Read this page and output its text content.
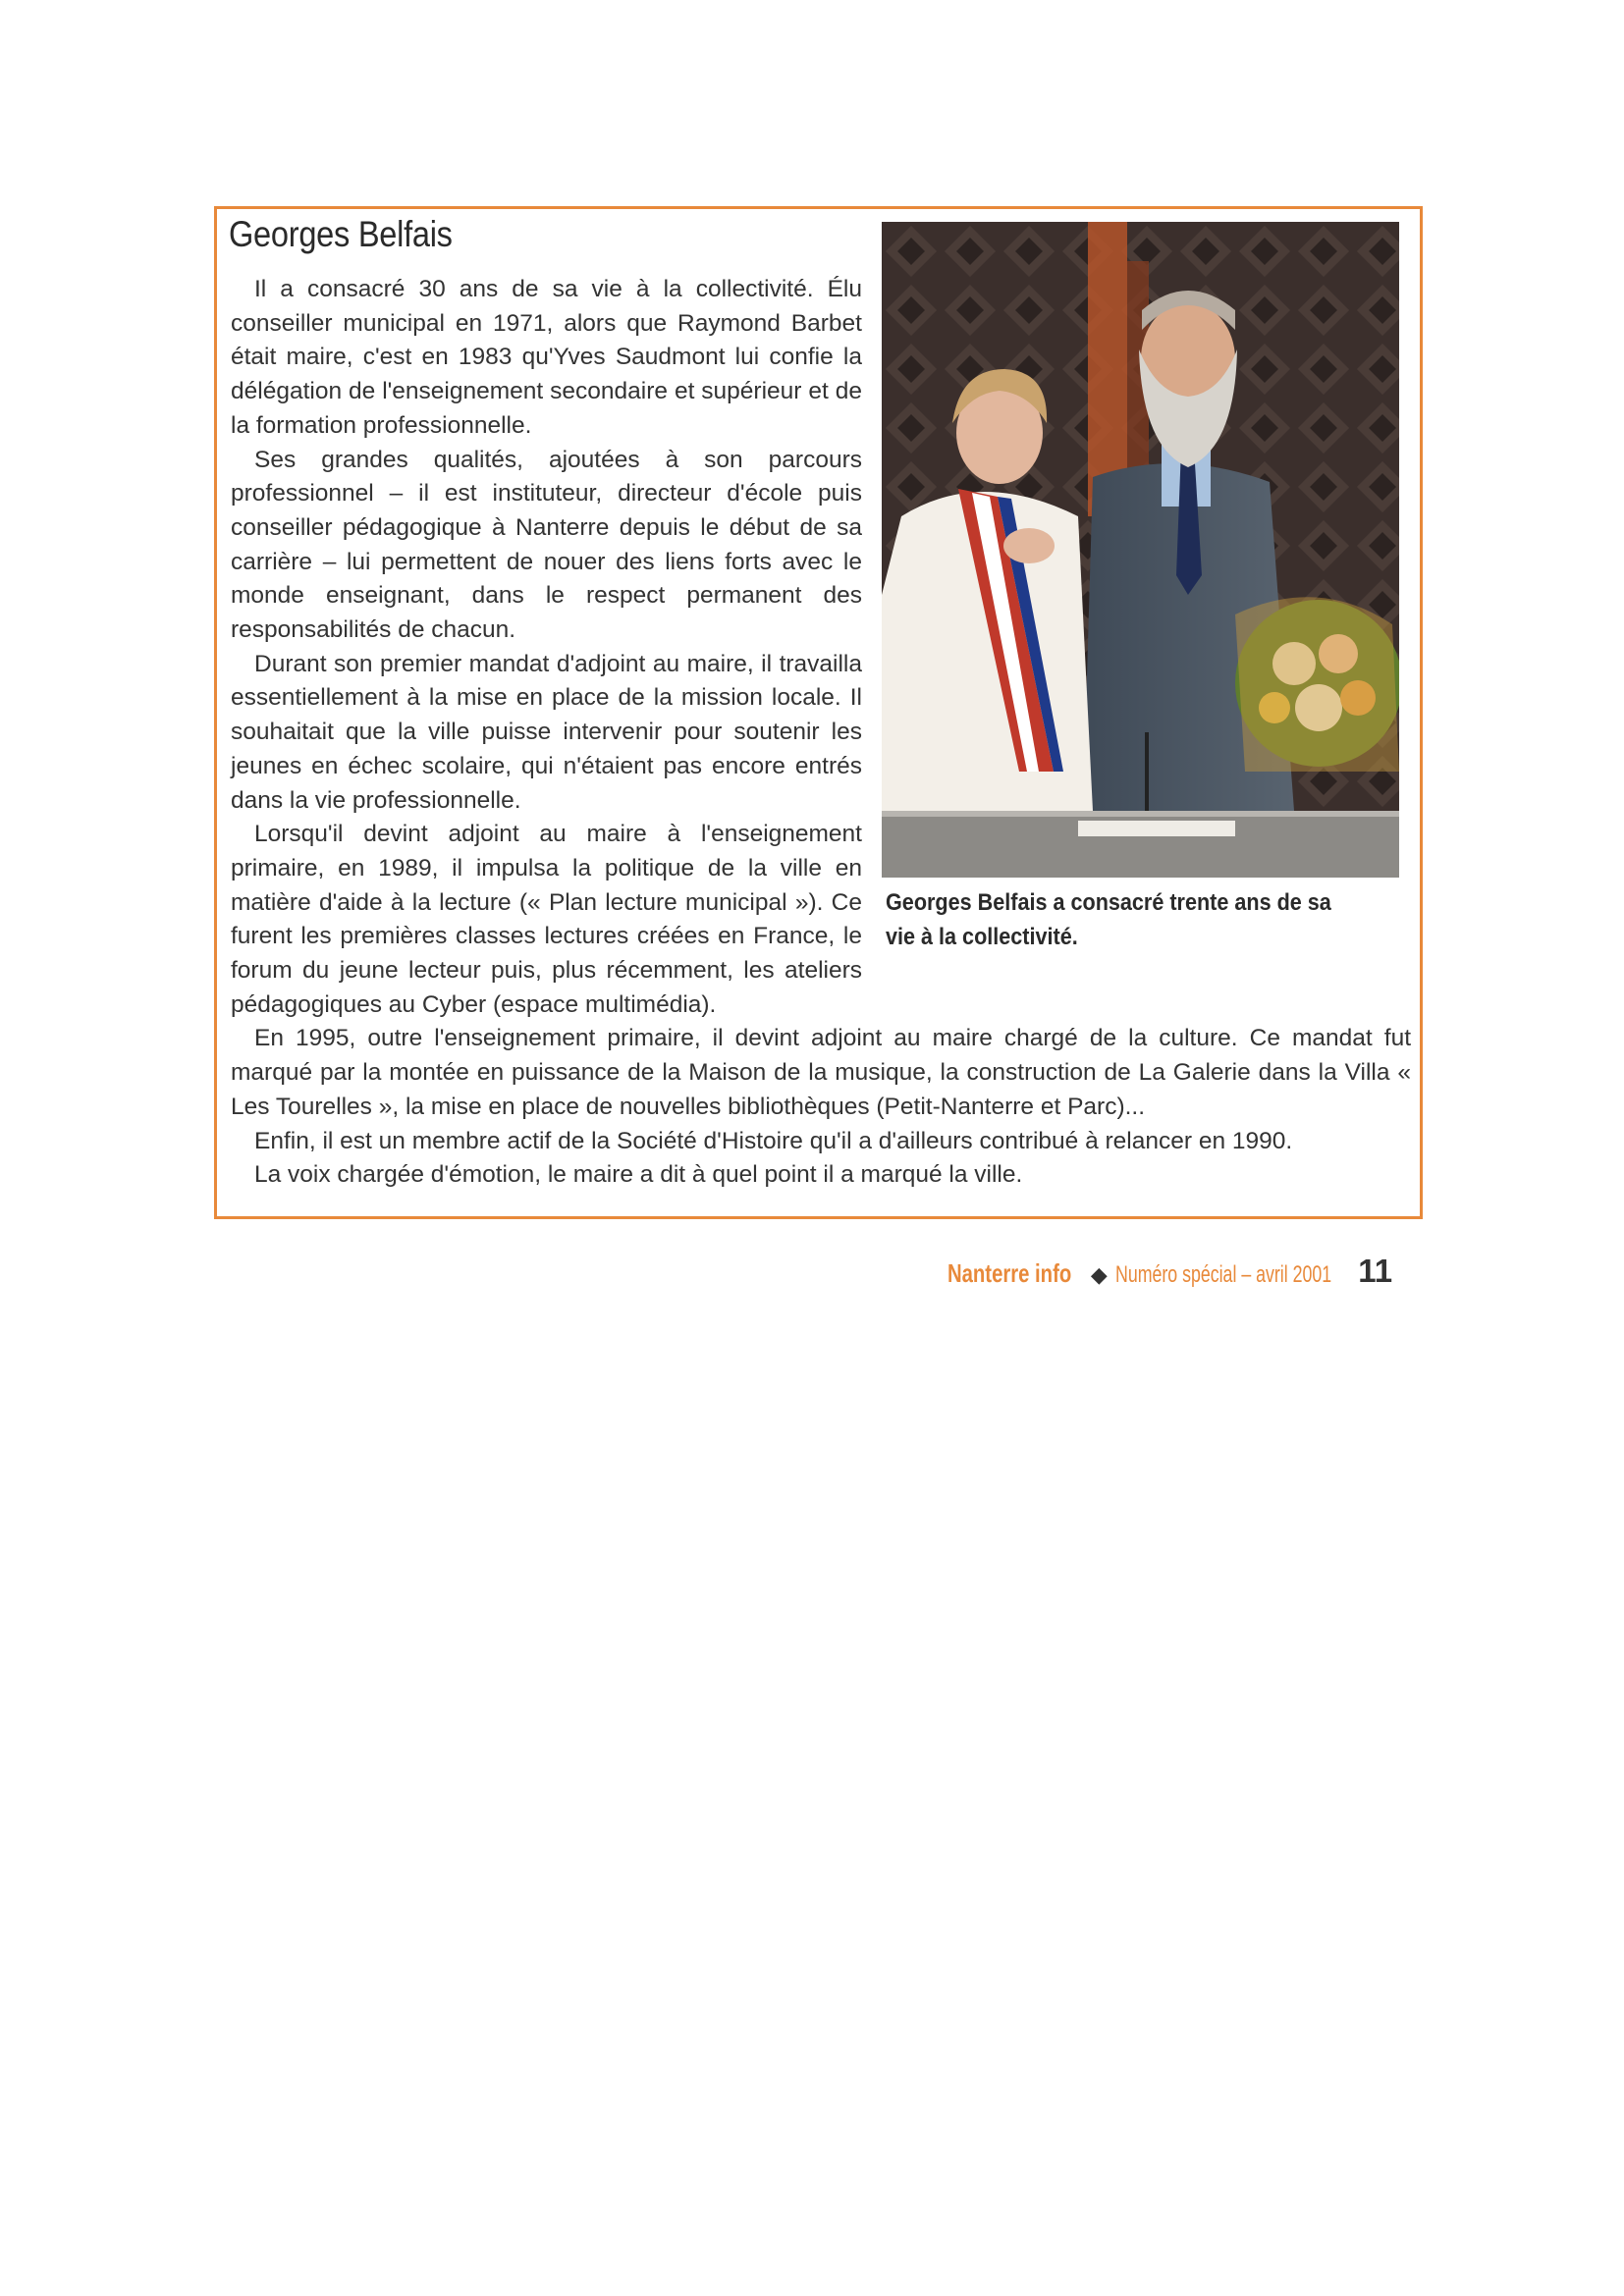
Georges Belfais

Il a consacré 30 ans de sa vie à la collectivité. Élu conseiller municipal en 1971, alors que Raymond Barbet était maire, c'est en 1983 qu'Yves Saudmont lui confie la délégation de l'enseignement secondaire et supérieur et de la formation professionnelle.

Ses grandes qualités, ajoutées à son parcours professionnel – il est instituteur, directeur d'école puis conseiller pédagogique à Nanterre depuis le début de sa carrière – lui permettent de nouer des liens forts avec le monde enseignant, dans le respect permanent des responsabilités de chacun.

Durant son premier mandat d'adjoint au maire, il travailla essentiellement à la mise en place de la mission locale. Il souhaitait que la ville puisse intervenir pour soutenir les jeunes en échec scolaire, qui n'étaient pas encore entrés dans la vie professionnelle.

Lorsqu'il devint adjoint au maire à l'enseignement primaire, en 1989, il impulsa la politique de la ville en matière d'aide à la lecture (« Plan lecture municipal »). Ce furent les premières classes lectures créées en France, le forum du jeune lecteur puis, plus récemment, les ateliers pédagogiques au Cyber (espace multimédia).

En 1995, outre l'enseignement primaire, il devint adjoint au maire chargé de la culture. Ce mandat fut marqué par la montée en puissance de la Maison de la musique, la construction de La Galerie dans la Villa « Les Tourelles », la mise en place de nouvelles bibliothèques (Petit-Nanterre et Parc)...

Enfin, il est un membre actif de la Société d'Histoire qu'il a d'ailleurs contribué à relancer en 1990.

La voix chargée d'émotion, le maire a dit à quel point il a marqué la ville.

Georges Belfais a consacré trente ans de sa
vie à la collectivité.
Nanterre info ◆ Numéro spécial – avril 2001 11
